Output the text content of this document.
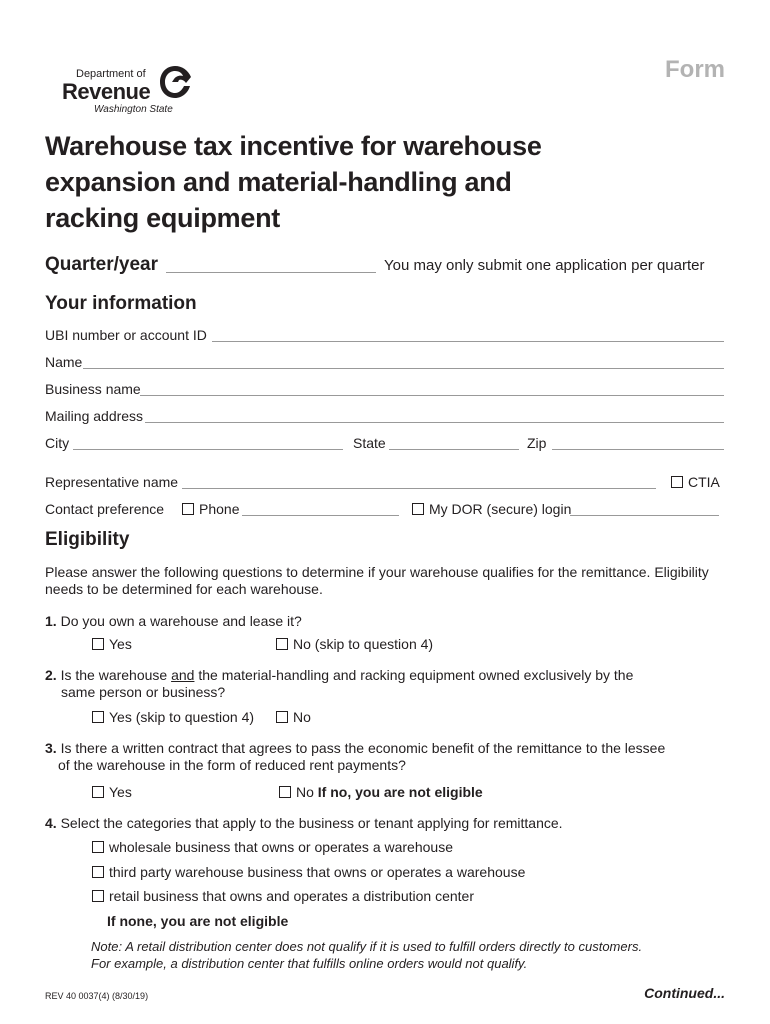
Department of
Revenue
Washington State
Form
Warehouse tax incentive for warehouse
expansion and material-handling and
racking equipment
Quarter/year	You may only submit one application per quarter
Your information
UBI number or account ID
Name
Business name
Mailing address
City	State	Zip
Representative name	CTIA
Contact preference	Phone	My DOR (secure) login
Eligibility
Please answer the following questions to determine if your warehouse qualifies for the remittance. Eligibility
needs to be determined for each warehouse.
1. Do you own a warehouse and lease it?
Yes	No (skip to question 4)
2. Is the warehouse and the material-handling and racking equipment owned exclusively by the
same person or business?
Yes (skip to question 4)	No
3. Is there a written contract that agrees to pass the economic benefit of the remittance to the lessee
of the warehouse in the form of reduced rent payments?
Yes	No If no, you are not eligible
4. Select the categories that apply to the business or tenant applying for remittance.
wholesale business that owns or operates a warehouse
third party warehouse business that owns or operates a warehouse
retail business that owns and operates a distribution center
If none, you are not eligible
Note: A retail distribution center does not qualify if it is used to fulfill orders directly to customers.
For example, a distribution center that fulfills online orders would not qualify.
REV 40 0037(4) (8/30/19)	Continued...
